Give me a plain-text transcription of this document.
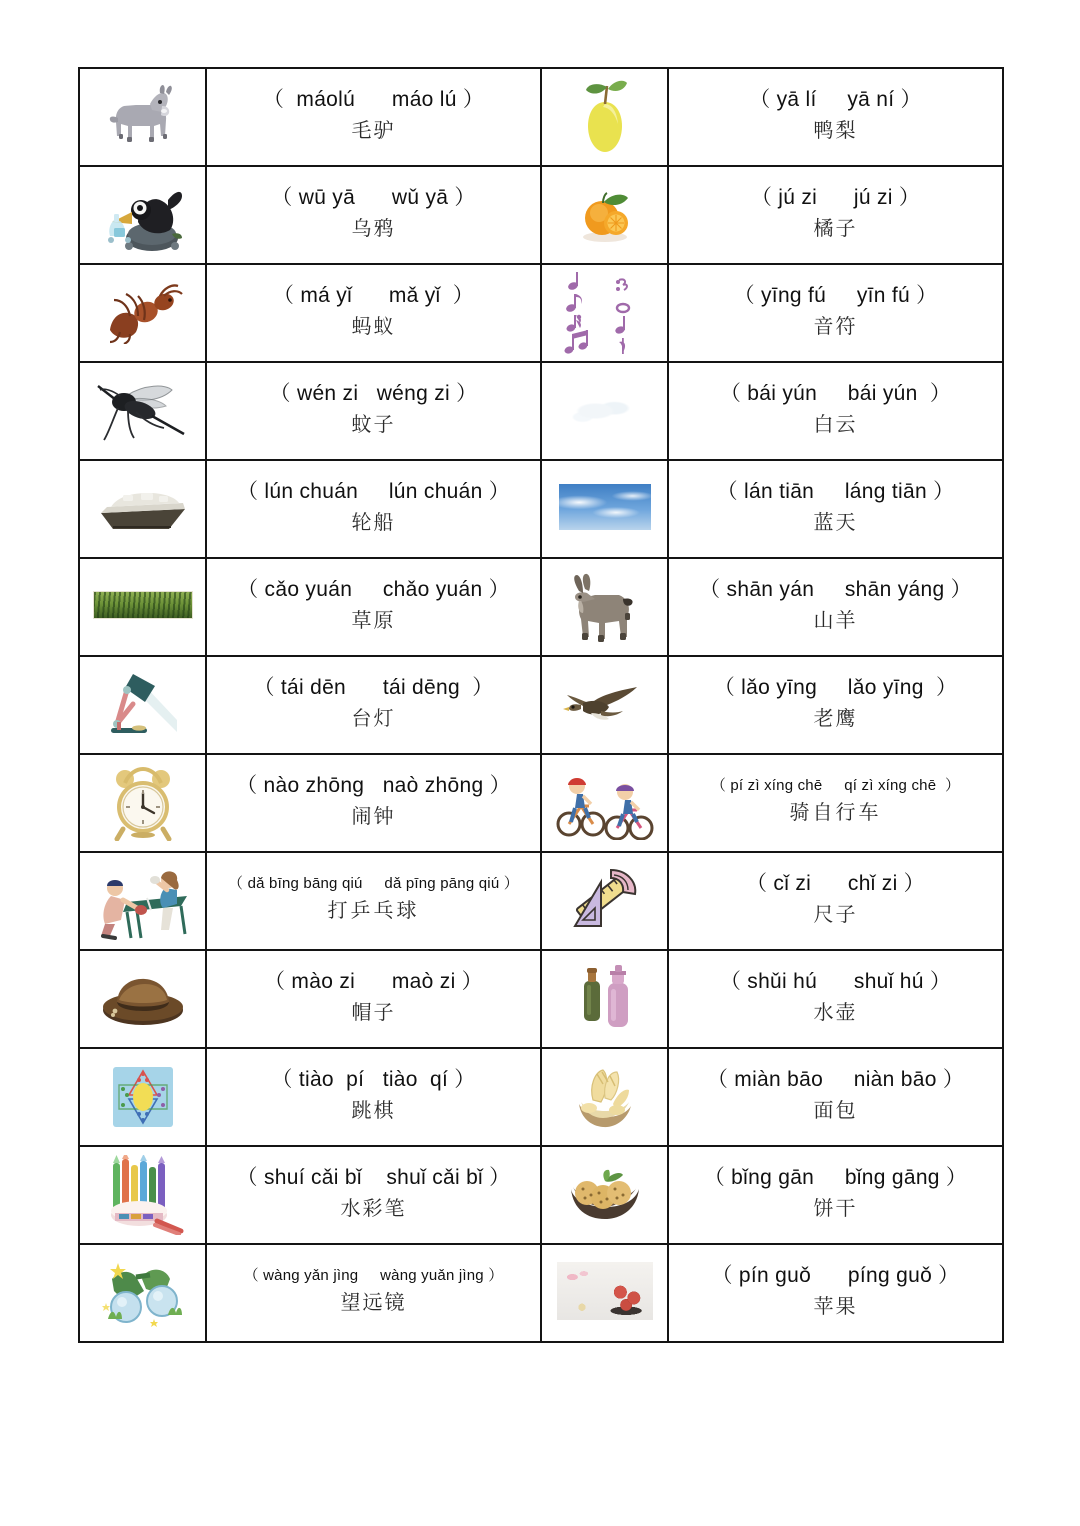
（  máolú      máo lú ）
毛驴

（ yā lí     yā ní ）
鸭梨

（ wū yā      wǔ yā ）
乌鸦

（ jú zi      jú zi ）
橘子

（ má yǐ      mǎ yǐ  ）
蚂蚁

（ yīng fú     yīn fú ）
音符

（ wén zi   wéng zi ）
蚊子

（ bái yún     bái yún  ）
白云

（ lún chuán     lún chuán ）
轮船

（ lán tiān     láng tiān ）
蓝天

（ cǎo yuán     chǎo yuán ）
草原

（ shān yán     shān yáng ）
山羊

（ tái dēn      tái dēng  ）
台灯

（ lǎo yīng     lǎo yīng  ）
老鹰

（ nào zhōng   naò zhōng ）
闹钟

（ pí zì xíng chē     qí zì xíng chē  ）
骑自行车

（ dǎ bīng bāng qiú     dǎ pīng pāng qiú ）
打乒乓球

（ cǐ zi      chǐ zi ）
尺子

（ mào zi      maò zi ）
帽子

（ shǔi hú      shuǐ hú ）
水壶

（ tiào  pí   tiào  qí ）
跳棋

（ miàn bāo     niàn bāo ）
面包

（ shuí cǎi bǐ    shuǐ cǎi bǐ ）
水彩笔

（ bǐng gān     bǐng gāng ）
饼干

（ wàng yǎn jìng     wàng yuǎn jìng ）
望远镜

（ pín guǒ      píng guǒ ）
苹果
